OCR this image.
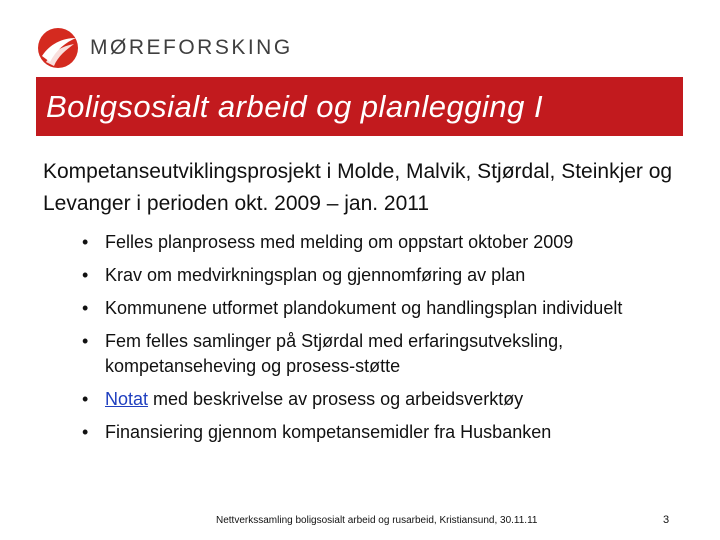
MØREFORSKING
Boligsosialt arbeid og planlegging I
Kompetanseutviklingsprosjekt i Molde, Malvik, Stjørdal, Steinkjer og Levanger i perioden okt. 2009 – jan. 2011
• Felles planprosess med melding om oppstart oktober 2009
• Krav om medvirkningsplan og gjennomføring av plan
• Kommunene utformet plandokument og handlingsplan individuelt
• Fem felles samlinger på Stjørdal med erfaringsutveksling, kompetanseheving og prosess-støtte
• Notat med beskrivelse av prosess og arbeidsverktøy
• Finansiering gjennom kompetansemidler fra Husbanken
Nettverkssamling boligsosialt arbeid og rusarbeid, Kristiansund, 30.11.11	3
